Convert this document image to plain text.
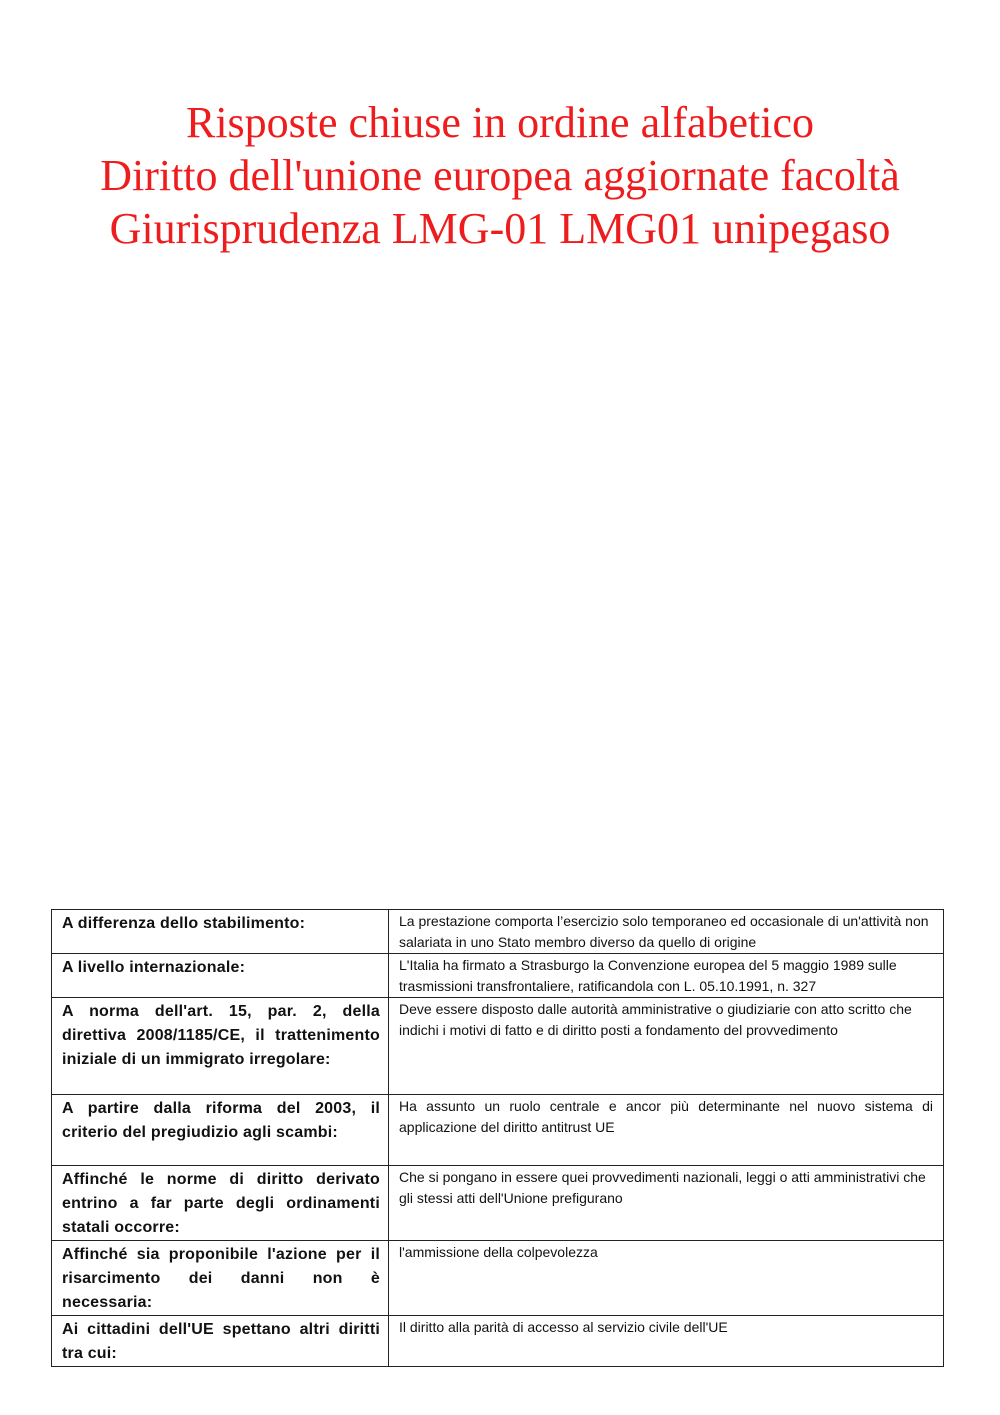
Risposte chiuse in ordine alfabetico
Diritto dell'unione europea aggiornate facoltà
Giurisprudenza LMG-01 LMG01 unipegaso
A differenza dello stabilimento:	La prestazione comporta l’esercizio solo temporaneo ed occasionale di un'attività non salariata in uno Stato membro diverso da quello di origine
A livello internazionale:	L'Italia ha firmato a Strasburgo la Convenzione europea del 5 maggio 1989 sulle trasmissioni transfrontaliere, ratificandola con L. 05.10.1991, n. 327
A norma dell'art. 15, par. 2, della direttiva 2008/1185/CE, il trattenimento iniziale di un immigrato irregolare:	Deve essere disposto dalle autorità amministrative o giudiziarie con atto scritto che indichi i motivi di fatto e di diritto posti a fondamento del provvedimento
A partire dalla riforma del 2003, il criterio del pregiudizio agli scambi:	Ha assunto un ruolo centrale e ancor più determinante nel nuovo sistema di applicazione del diritto antitrust UE
Affinché le norme di diritto derivato entrino a far parte degli ordinamenti statali occorre:	Che si pongano in essere quei provvedimenti nazionali, leggi o atti amministrativi che gli stessi atti dell'Unione prefigurano
Affinché sia proponibile l'azione per il risarcimento dei danni non è necessaria:	l'ammissione della colpevolezza
Ai cittadini dell'UE spettano altri diritti tra cui:	Il diritto alla parità di accesso al servizio civile dell'UE
